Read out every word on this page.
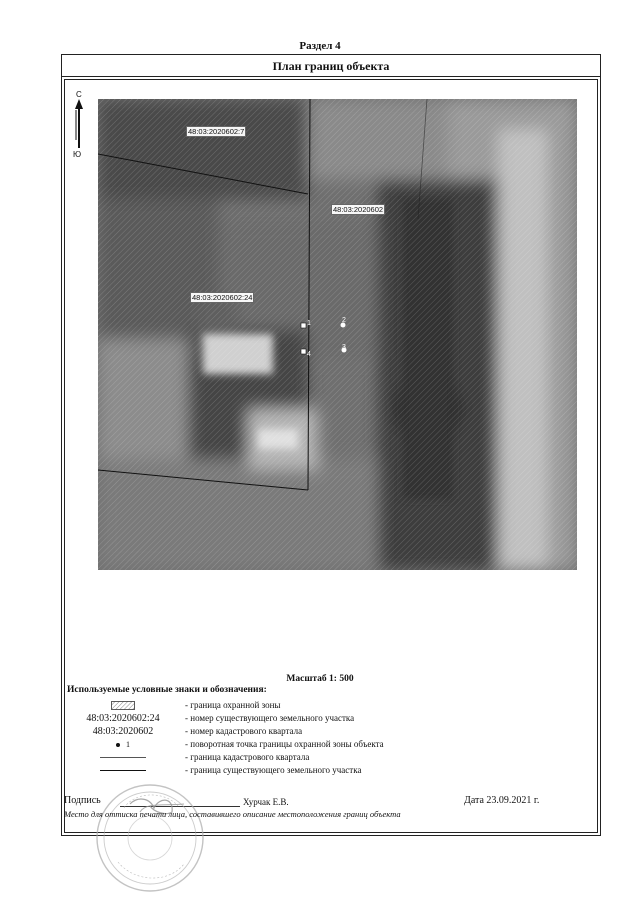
Раздел 4
План границ объекта
С
Ю
48:03:2020602:7
48:03:2020602
48:03:2020602:24
1	2
3
4
Масштаб 1: 500
Используемые условные знаки и обозначения:
- граница охранной зоны
48:03:2020602:24	- номер существующего земельного участка
48:03:2020602	- номер кадастрового квартала
1	- поворотная точка границы охранной зоны объекта
- граница кадастрового квартала
- граница существующего земельного участка
Подпись	Хурчак Е.В.	Дата 23.09.2021 г.
Место для оттиска печати лица, составившего описание местоположения границ объекта
